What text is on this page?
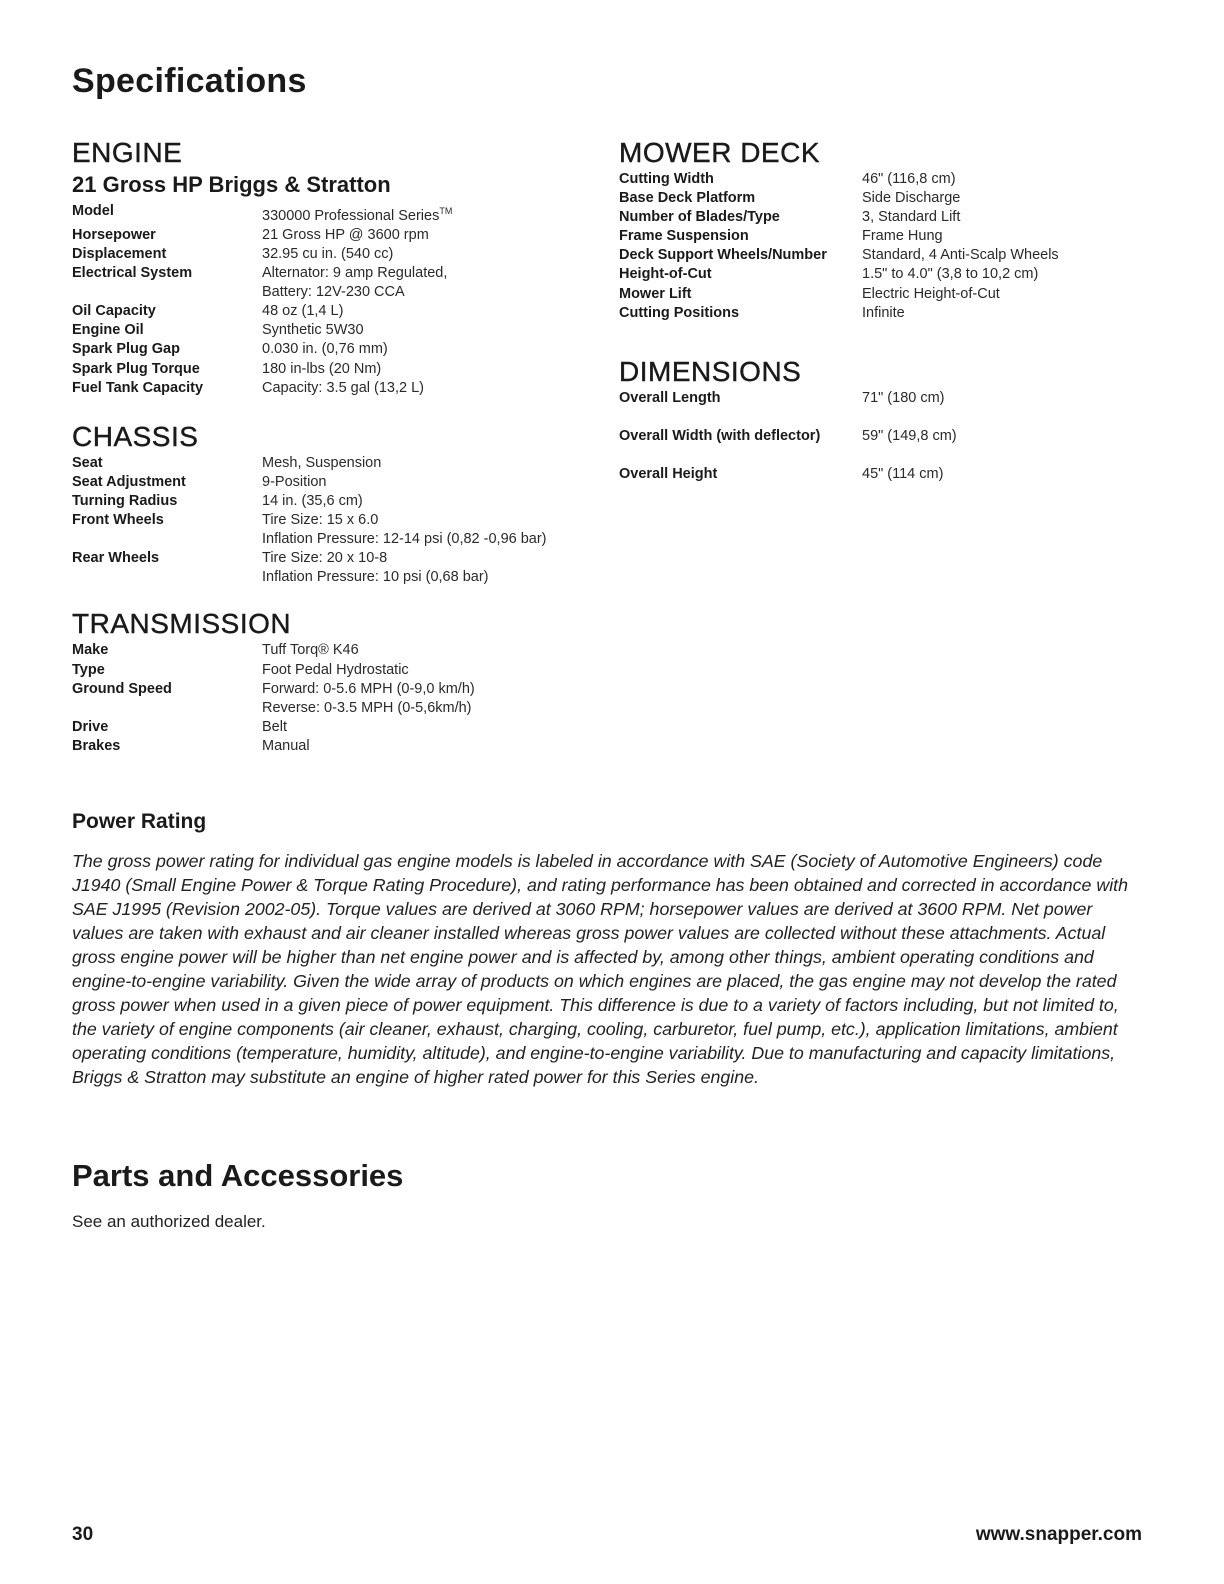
Specifications
ENGINE
21 Gross HP Briggs & Stratton
Model	330000 Professional Series™
Horsepower	21 Gross HP @ 3600 rpm
Displacement	32.95 cu in. (540 cc)
Electrical System	Alternator: 9 amp Regulated,
Battery: 12V-230 CCA
Oil Capacity	48 oz (1,4 L)
Engine Oil	Synthetic 5W30
Spark Plug Gap	0.030 in. (0,76 mm)
Spark Plug Torque	180 in-lbs (20 Nm)
Fuel Tank Capacity	Capacity: 3.5 gal (13,2 L)
CHASSIS
Seat	Mesh, Suspension
Seat Adjustment	9-Position
Turning Radius	14 in. (35,6 cm)
Front Wheels	Tire Size: 15 x 6.0
Inflation Pressure: 12-14 psi (0,82 -0,96 bar)
Rear Wheels	Tire Size: 20 x 10-8
Inflation Pressure: 10 psi (0,68 bar)
TRANSMISSION
Make	Tuff Torq® K46
Type	Foot Pedal Hydrostatic
Ground Speed	Forward: 0-5.6 MPH (0-9,0 km/h)
Reverse: 0-3.5 MPH (0-5,6km/h)
Drive	Belt
Brakes	Manual
MOWER DECK
Cutting Width	46" (116,8 cm)
Base Deck Platform	Side Discharge
Number of Blades/Type	3, Standard Lift
Frame Suspension	Frame Hung
Deck Support Wheels/Number	Standard, 4 Anti-Scalp Wheels
Height-of-Cut	1.5" to 4.0" (3,8 to 10,2 cm)
Mower Lift	Electric Height-of-Cut
Cutting Positions	Infinite
DIMENSIONS
Overall Length	71" (180 cm)
Overall Width (with deflector)	59" (149,8 cm)
Overall Height	45" (114 cm)
Power Rating

The gross power rating for individual gas engine models is labeled in accordance with SAE (Society of Automotive Engineers) code J1940 (Small Engine Power & Torque Rating Procedure), and rating performance has been obtained and corrected in accordance with SAE J1995 (Revision 2002-05). Torque values are derived at 3060 RPM; horsepower values are derived at 3600 RPM. Net power values are taken with exhaust and air cleaner installed whereas gross power values are collected without these attachments. Actual gross engine power will be higher than net engine power and is affected by, among other things, ambient operating conditions and engine-to-engine variability. Given the wide array of products on which engines are placed, the gas engine may not develop the rated gross power when used in a given piece of power equipment. This difference is due to a variety of factors including, but not limited to, the variety of engine components (air cleaner, exhaust, charging, cooling, carburetor, fuel pump, etc.), application limitations, ambient operating conditions (temperature, humidity, altitude), and engine-to-engine variability. Due to manufacturing and capacity limitations, Briggs & Stratton may substitute an engine of higher rated power for this Series engine.

Parts and Accessories

See an authorized dealer.

30	www.snapper.com
